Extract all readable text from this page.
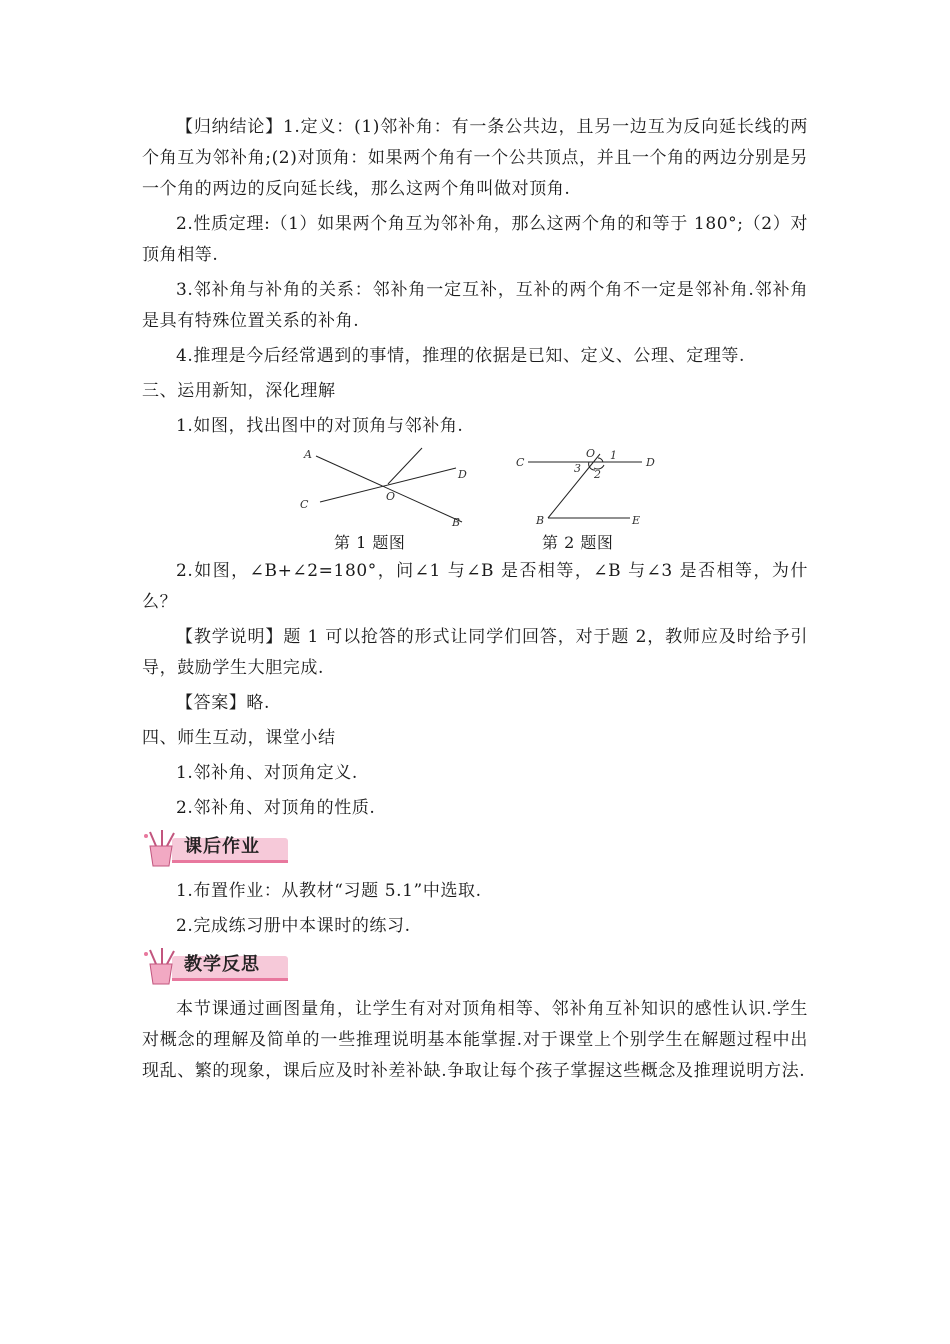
【归纳结论】1.定义：(1)邻补角：有一条公共边，且另一边互为反向延长线的两个角互为邻补角;(2)对顶角：如果两个角有一个公共顶点，并且一个角的两边分别是另一个角的两边的反向延长线，那么这两个角叫做对顶角.

2.性质定理:（1）如果两个角互为邻补角，那么这两个角的和等于 180°;（2）对顶角相等.

3.邻补角与补角的关系：邻补角一定互补，互补的两个角不一定是邻补角.邻补角是具有特殊位置关系的补角.

4.推理是今后经常遇到的事情，推理的依据是已知、定义、公理、定理等.

三、运用新知，深化理解

1.如图，找出图中的对顶角与邻补角.

A
C
D
B
O
第 1 题图
C	D
O 1
2
3
B	E
第 2 题图

2.如图，∠B+∠2=180°，问∠1 与∠B 是否相等，∠B 与∠3 是否相等，为什么？

【教学说明】题 1 可以抢答的形式让同学们回答，对于题 2，教师应及时给予引导，鼓励学生大胆完成.

【答案】略.

四、师生互动，课堂小结

1.邻补角、对顶角定义.

2.邻补角、对顶角的性质.

课后作业

1.布置作业：从教材“习题 5.1”中选取.

2.完成练习册中本课时的练习.

教学反思

本节课通过画图量角，让学生有对对顶角相等、邻补角互补知识的感性认识.学生对概念的理解及简单的一些推理说明基本能掌握.对于课堂上个别学生在解题过程中出现乱、繁的现象，课后应及时补差补缺.争取让每个孩子掌握这些概念及推理说明方法.
